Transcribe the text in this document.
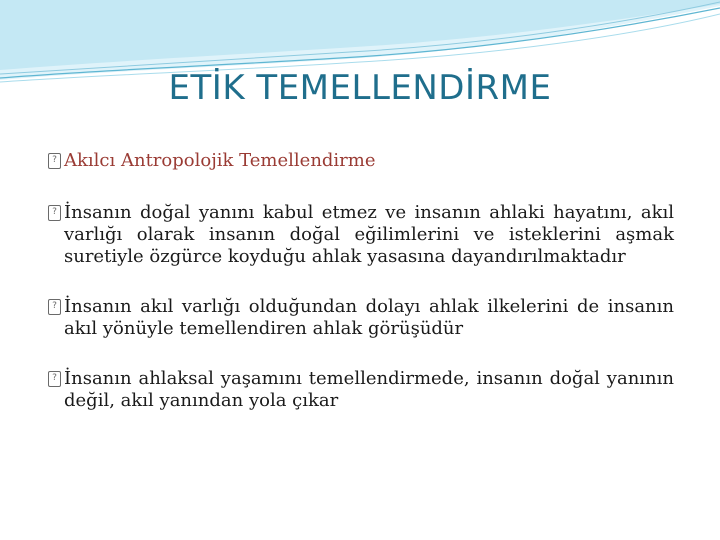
ETİK TEMELLENDİRME
? Akılcı Antropolojik Temellendirme
? İnsanın doğal yanını kabul etmez ve insanın ahlaki hayatını, akıl varlığı olarak insanın doğal eğilimlerini ve isteklerini aşmak suretiyle özgürce koyduğu ahlak yasasına dayandırılmaktadır
? İnsanın akıl varlığı olduğundan dolayı ahlak ilkelerini de insanın akıl yönüyle temellendiren ahlak görüşüdür
? İnsanın ahlaksal yaşamını temellendirmede, insanın doğal yanının değil, akıl yanından yola çıkar
